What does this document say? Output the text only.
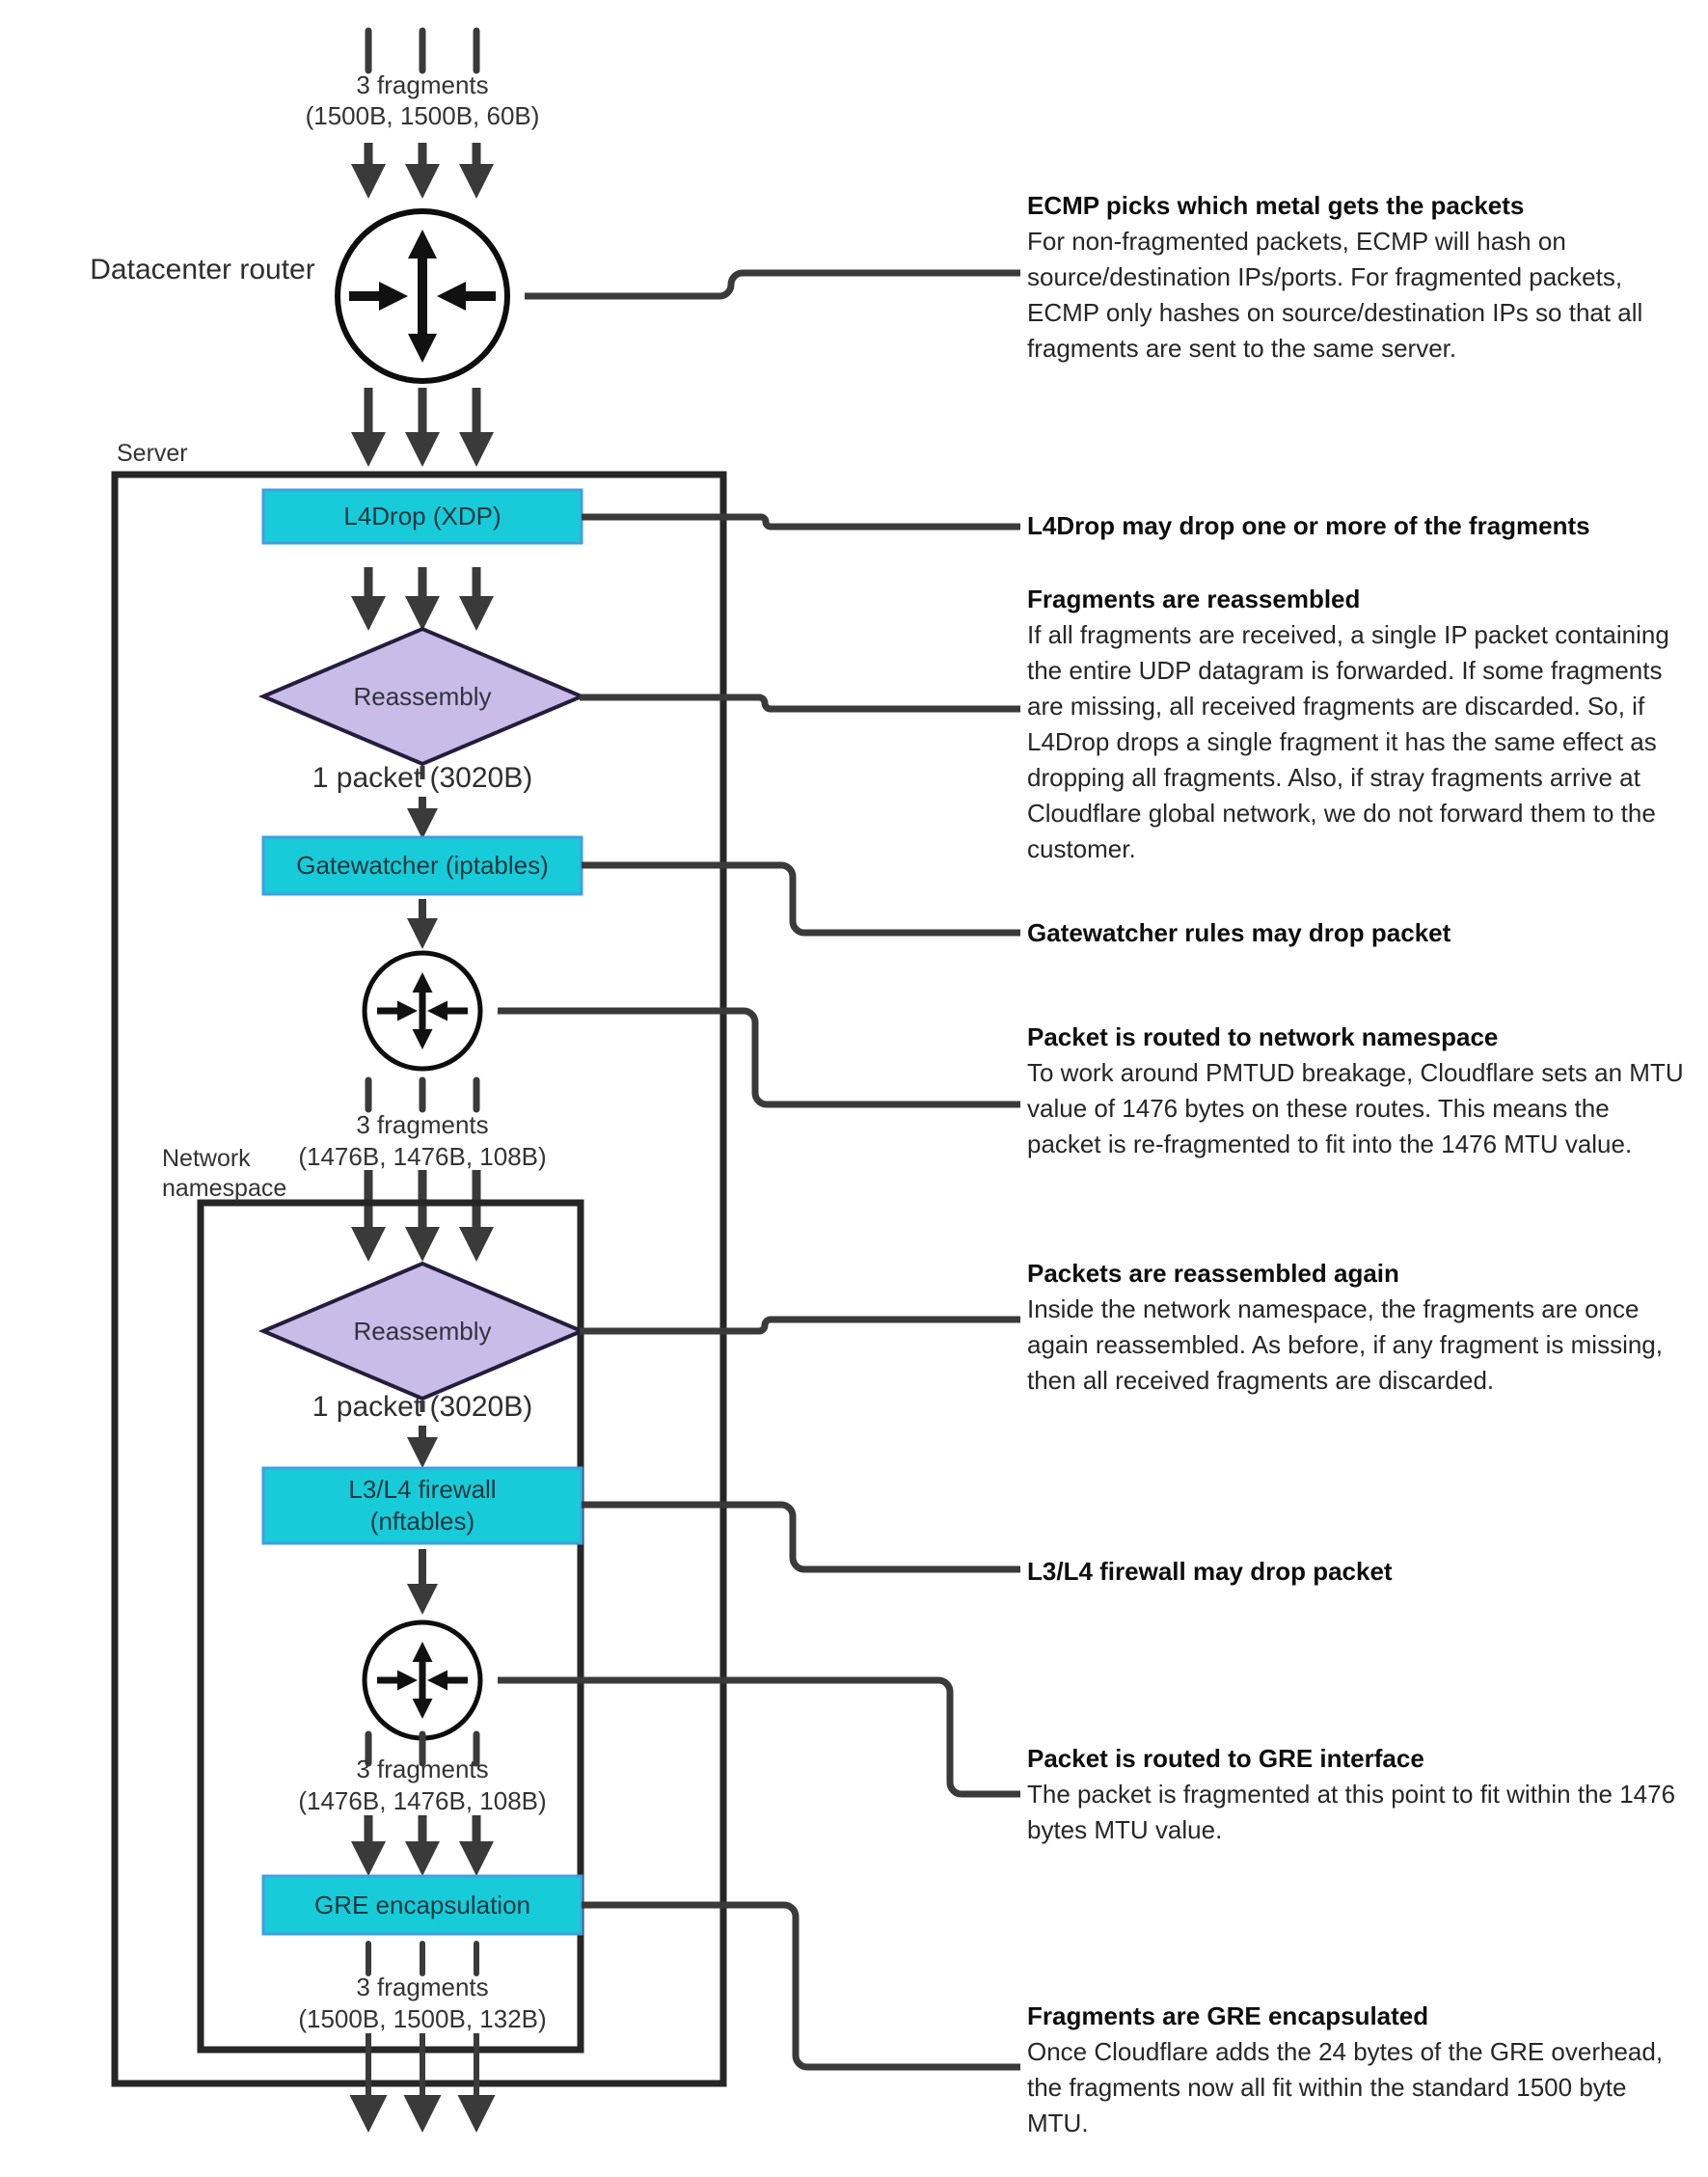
3 fragments
(1500B, 1500B, 60B)
Datacenter router
Server
L4Drop (XDP)
Reassembly
1 packet (3020B)
Gatewatcher (iptables)
3 fragments
(1476B, 1476B, 108B)
Network namespace
Reassembly
1 packet (3020B)
L3/L4 firewall (nftables)
3 fragments
(1476B, 1476B, 108B)
GRE encapsulation
3 fragments
(1500B, 1500B, 132B)
ECMP picks which metal gets the packets
For non-fragmented packets, ECMP will hash on source/destination IPs/ports. For fragmented packets, ECMP only hashes on source/destination IPs so that all fragments are sent to the same server.
L4Drop may drop one or more of the fragments
Fragments are reassembled
If all fragments are received, a single IP packet containing the entire UDP datagram is forwarded. If some fragments are missing, all received fragments are discarded. So, if L4Drop drops a single fragment it has the same effect as dropping all fragments. Also, if stray fragments arrive at Cloudflare global network, we do not forward them to the customer.
Gatewatcher rules may drop packet
Packet is routed to network namespace
To work around PMTUD breakage, Cloudflare sets an MTU value of 1476 bytes on these routes. This means the packet is re-fragmented to fit into the 1476 MTU value.
Packets are reassembled again
Inside the network namespace, the fragments are once again reassembled. As before, if any fragment is missing, then all received fragments are discarded.
L3/L4 firewall may drop packet
Packet is routed to GRE interface
The packet is fragmented at this point to fit within the 1476 bytes MTU value.
Fragments are GRE encapsulated
Once Cloudflare adds the 24 bytes of the GRE overhead, the fragments now all fit within the standard 1500 byte MTU.
